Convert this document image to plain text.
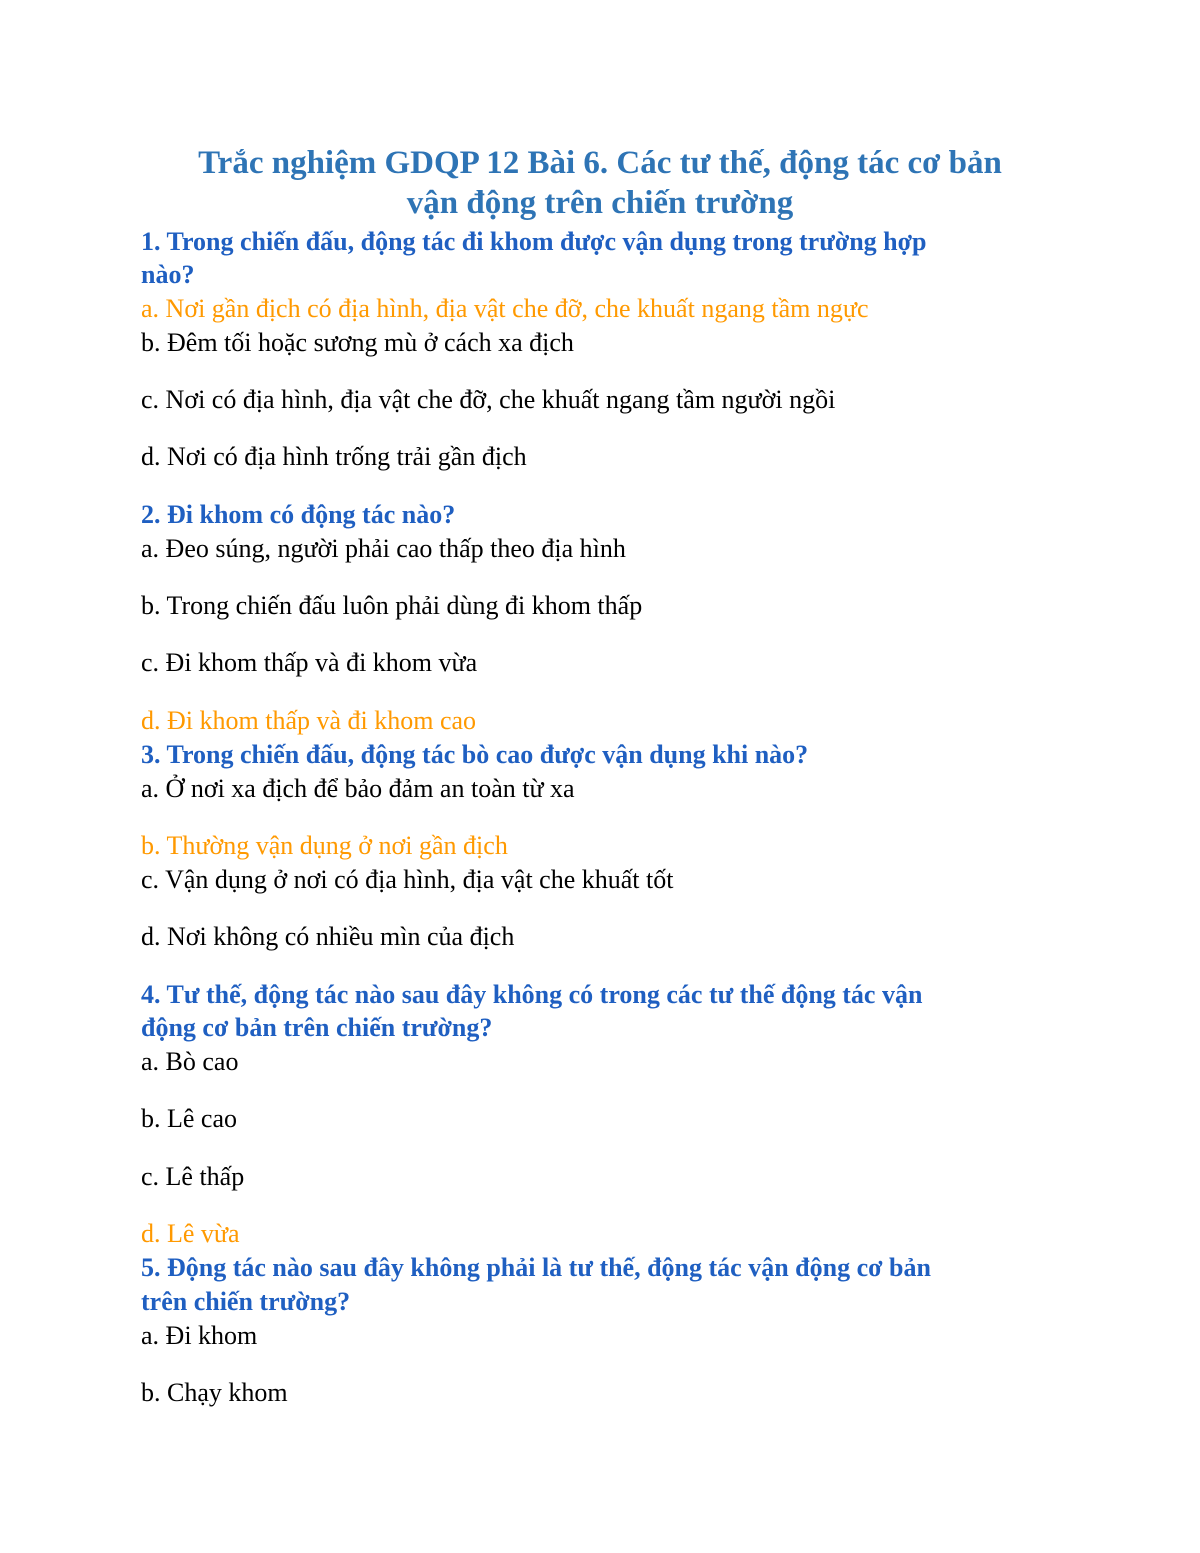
Trắc nghiệm GDQP 12 Bài 6. Các tư thế, động tác cơ bản
vận động trên chiến trường
1. Trong chiến đấu, động tác đi khom được vận dụng trong trường hợp
nào?
a. Nơi gần địch có địa hình, địa vật che đỡ, che khuất ngang tầm ngực
b. Đêm tối hoặc sương mù ở cách xa địch
c. Nơi có địa hình, địa vật che đỡ, che khuất ngang tầm người ngồi
d. Nơi có địa hình trống trải gần địch
2. Đi khom có động tác nào?
a. Đeo súng, người phải cao thấp theo địa hình
b. Trong chiến đấu luôn phải dùng đi khom thấp
c. Đi khom thấp và đi khom vừa
d. Đi khom thấp và đi khom cao
3. Trong chiến đấu, động tác bò cao được vận dụng khi nào?
a. Ở nơi xa địch để bảo đảm an toàn từ xa
b. Thường vận dụng ở nơi gần địch
c. Vận dụng ở nơi có địa hình, địa vật che khuất tốt
d. Nơi không có nhiều mìn của địch
4. Tư thế, động tác nào sau đây không có trong các tư thế động tác vận
động cơ bản trên chiến trường?
a. Bò cao
b. Lê cao
c. Lê thấp
d. Lê vừa
5. Động tác nào sau đây không phải là tư thế, động tác vận động cơ bản
trên chiến trường?
a. Đi khom
b. Chạy khom
